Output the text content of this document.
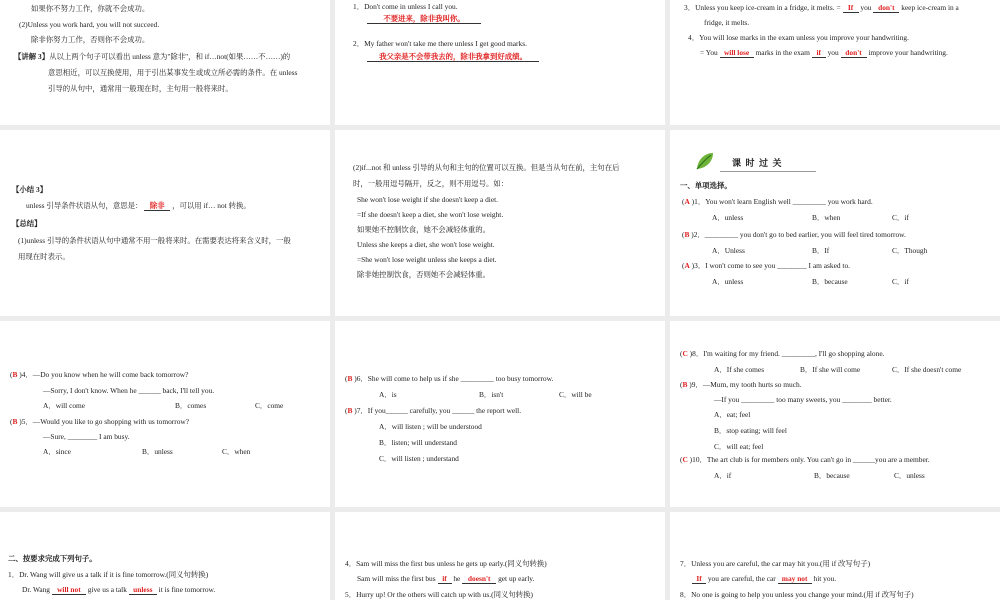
如果你不努力工作，你就不会成功。
(2)Unless you work hard, you will not succeed.
除非你努力工作，否则你不会成功。
【讲解 3】从以上两个句子可以看出 unless 意为"除非"，和 if…not(如果……不……)的
意思相近，可以互换使用，用于引出某事发生或成立所必需的条件。在 unless
引导的从句中，通常用一般现在时，主句用一般将来时。
1．Don't come in unless I call you.
不要进来，除非我叫你。
2．My father won't take me there unless I get good marks.
我父亲是不会带我去的，除非我拿到好成绩。
3．Unless you keep ice-cream in a fridge, it melts. = If you don't keep ice-cream in a
fridge, it melts.
4．You will lose marks in the exam unless you improve your handwriting.
= You will lose marks in the exam if you don't improve your handwriting.
【小结 3】
unless 引导条件状语从句，意思是： 除非 ，可以用 if… not 转换。
【总结】
(1)unless 引导的条件状语从句中通常不用一般将来时。在需要表达将来含义时，一般
用现在时表示。
(2)if...not 和 unless 引导的从句和主句的位置可以互换。但是当从句在前，主句在后
时，一般用逗号隔开，反之，则不用逗号。如：
She won't lose weight if she doesn't keep a diet.
=If she doesn't keep a diet, she won't lose weight.
如果她不控制饮食，她不会减轻体重的。
Unless she keeps a diet, she won't lose weight.
=She won't lose weight unless she keeps a diet.
除非她控制饮食，否则她不会减轻体重。
课 时 过 关
一、单项选择。
(A )1．You won't learn English well _________ you work hard.
A．unless	B．when	C．if
(B )2．_________ you don't go to bed earlier, you will feel tired tomorrow.
A．Unless	B．If	C．Though
(A )3．I won't come to see you ________ I am asked to.
A．unless	B．because	C．if
(B )4．—Do you know when he will come back tomorrow?
—Sorry, I don't know. When he ______ back, I'll tell you.
A．will come	B．comes	C．come
(B )5．—Would you like to go shopping with us tomorrow?
—Sure, ________ I am busy.
A．since	B．unless	C．when
(B )6．She will come to help us if she _________ too busy tomorrow.
A．is	B．isn't	C．will be
(B )7．If you______ carefully, you ______ the report well.
A．will listen ; will be understood
B．listen; will understand
C．will listen ; understand
(C )8．I'm waiting for my friend. _________, I'll go shopping alone.
A．If she comes	B．If she will come	C．If she doesn't come
(B )9．—Mum, my tooth hurts so much.
—If you _________ too many sweets, you ________ better.
A．eat; feel
B．stop eating; will feel
C．will eat; feel
(C )10．The art club is for members only. You can't go in ______you are a member.
A．if	B．because	C．unless
二、按要求完成下列句子。
1．Dr. Wang will give us a talk if it is fine tomorrow.(同义句转换)
Dr. Wang will not give us a talk unless it is fine tomorrow.
4．Sam will miss the first bus unless he gets up early.(同义句转换)
Sam will miss the first bus if he doesn't get up early.
5．Hurry up! Or the others will catch up with us.(同义句转换)
7．Unless you are careful, the car may hit you.(用 if 改写句子)
If you are careful, the car may not hit you.
8．No one is going to help you unless you change your mind.(用 if 改写句子)
